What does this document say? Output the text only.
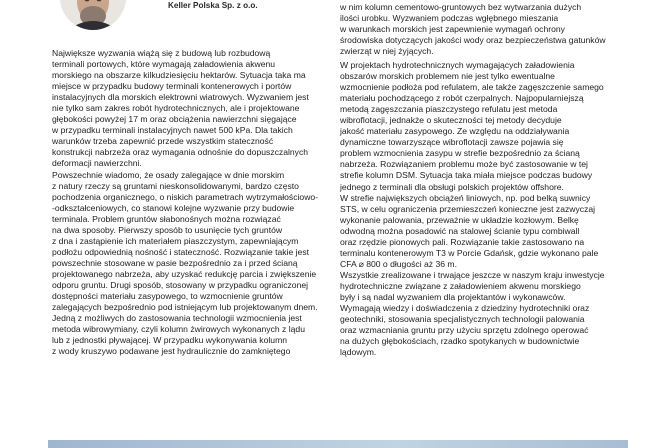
Keller Polska Sp. z o.o.

Największe wyzwania wiążą się z budową lub rozbudową
terminali portowych, które wymagają załadowienia akwenu
morskiego na obszarze kilkudziesięciu hektarów. Sytuacja taka ma
miejsce w przypadku budowy terminali kontenerowych i portów
instalacyjnych dla morskich elektrowni wiatrowych. Wyzwaniem jest
nie tylko sam zakres robót hydrotechnicznych, ale i projektowane
głębokości powyżej 17 m oraz obciążenia nawierzchni sięgające
w przypadku terminali instalacyjnych nawet 500 kPa. Dla takich
warunków trzeba zapewnić przede wszystkim stateczność
konstrukcji nabrzeża oraz wymagania odnośnie do dopuszczalnych
deformacji nawierzchni.

Powszechnie wiadomo, że osady zalegające w dnie morskim
z natury rzeczy są gruntami nieskonsolidowanymi, bardzo często
pochodzenia organicznego, o niskich parametrach wytrzymałościowo-
-odkształceniowych, co stanowi kolejne wyzwanie przy budowie
terminala. Problem gruntów słabonośnych można rozwiązać
na dwa sposoby. Pierwszy sposób to usunięcie tych gruntów
z dna i zastąpienie ich materiałem piaszczystym, zapewniającym
podłożu odpowiednią nośność i stateczność. Rozwiązanie takie jest
powszechnie stosowane w pasie bezpośrednio za i przed ścianą
projektowanego nabrzeża, aby uzyskać redukcję parcia i zwiększenie
odporu gruntu. Drugi sposób, stosowany w przypadku ograniczonej
dostępności materiału zasypowego, to wzmocnienie gruntów
zalegających bezpośrednio pod istniejącym lub projektowanym dnem.
Jedną z możliwych do zastosowania technologii wzmocnienia jest
metoda wibrowymiany, czyli kolumn żwirowych wykonanych z lądu
lub z jednostki pływającej. W przypadku wykonywania kolumn
z wody kruszywo podawane jest hydraulicznie do zamkniętego

w nim kolumn cementowo-gruntowych bez wytwarzania dużych
ilości urobku. Wyzwaniem podczas wgłębnego mieszania
w warunkach morskich jest zapewnienie wymagań ochrony
środowiska dotyczących jakości wody oraz bezpieczeństwa gatunków
zwierząt w niej żyjących.

W projektach hydrotechnicznych wymagających załadowienia
obszarów morskich problemem nie jest tylko ewentualne
wzmocnienie podłoża pod refulatem, ale także zagęszczenie samego
materiału pochodzącego z robót czerpalnych. Najpopularniejszą
metodą zagęszczania piaszczystego refulatu jest metoda
wibroflotacji, jednakże o skuteczności tej metody decyduje
jakość materiału zasypowego. Ze względu na oddziaływania
dynamiczne towarzyszące wibroflotacji zawsze pojawia się
problem wzmocnienia zasypu w strefie bezpośrednio za ścianą
nabrzeża. Rozwiązaniem problemu może być zastosowanie w tej
strefie kolumn DSM. Sytuacja taka miała miejsce podczas budowy
jednego z terminali dla obsługi polskich projektów offshore.

W strefie największych obciążeń liniowych, np. pod belką suwnicy
STS, w celu ograniczenia przemieszczeń konieczne jest zazwyczaj
wykonanie palowania, przeważnie w układzie kozłowym. Belkę
odwodną można posadowić na stalowej ścianie typu combiwall
oraz rzędzie pionowych pali. Rozwiązanie takie zastosowano na
terminalu kontenerowym T3 w Porcie Gdańsk, gdzie wykonano pale
CFA ⌀ 800 o długości aż 36 m.

Wszystkie zrealizowane i trwające jeszcze w naszym kraju inwestycje
hydrotechniczne związane z załadowieniem akwenu morskiego
były i są nadal wyzwaniem dla projektantów i wykonawców.
Wymagają wiedzy i doświadczenia z dziedziny hydrotechniki oraz
geotechniki, stosowania specjalistycznych technologii palowania
oraz wzmacniania gruntu przy użyciu sprzętu zdolnego operować
na dużych głębokościach, rzadko spotykanych w budownictwie
lądowym.
